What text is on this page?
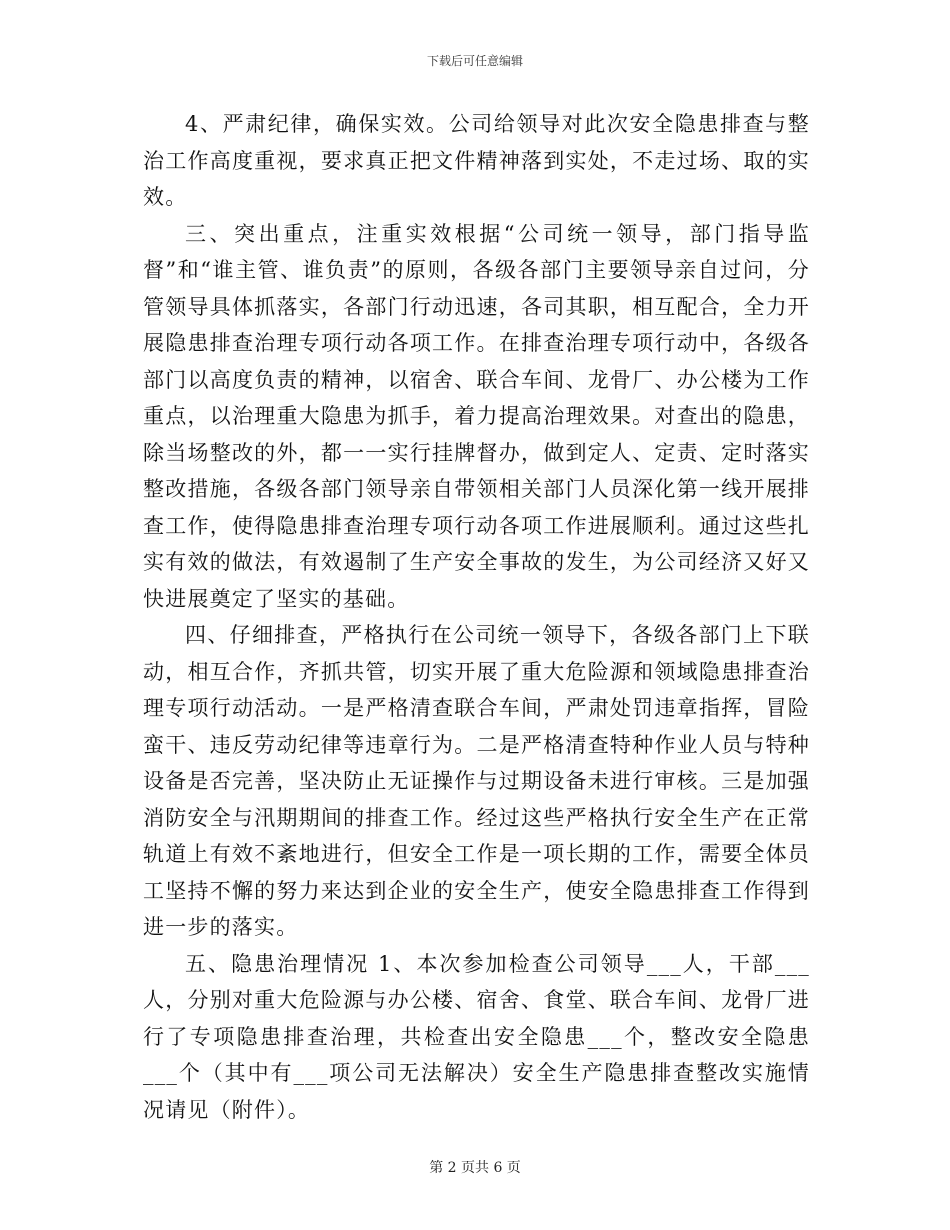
下载后可任意编辑

4、严肃纪律，确保实效。公司给领导对此次安全隐患排查与整治工作高度重视，要求真正把文件精神落到实处，不走过场、取的实效。

三、突出重点，注重实效根据“公司统一领导，部门指导监督”和“谁主管、谁负责”的原则，各级各部门主要领导亲自过问，分管领导具体抓落实，各部门行动迅速，各司其职，相互配合，全力开展隐患排查治理专项行动各项工作。在排查治理专项行动中，各级各部门以高度负责的精神，以宿舍、联合车间、龙骨厂、办公楼为工作重点，以治理重大隐患为抓手，着力提高治理效果。对查出的隐患，除当场整改的外，都一一实行挂牌督办，做到定人、定责、定时落实整改措施，各级各部门领导亲自带领相关部门人员深化第一线开展排查工作，使得隐患排查治理专项行动各项工作进展顺利。通过这些扎实有效的做法，有效遏制了生产安全事故的发生，为公司经济又好又快进展奠定了坚实的基础。

四、仔细排查，严格执行在公司统一领导下，各级各部门上下联动，相互合作，齐抓共管，切实开展了重大危险源和领域隐患排查治理专项行动活动。一是严格清查联合车间，严肃处罚违章指挥，冒险蛮干、违反劳动纪律等违章行为。二是严格清查特种作业人员与特种设备是否完善，坚决防止无证操作与过期设备未进行审核。三是加强消防安全与汛期期间的排查工作。经过这些严格执行安全生产在正常轨道上有效不紊地进行，但安全工作是一项长期的工作，需要全体员工坚持不懈的努力来达到企业的安全生产，使安全隐患排查工作得到进一步的落实。

五、隐患治理情况 1、本次参加检查公司领导___人，干部___人，分别对重大危险源与办公楼、宿舍、食堂、联合车间、龙骨厂进行了专项隐患排查治理，共检查出安全隐患___个，整改安全隐患___个（其中有___项公司无法解决）安全生产隐患排查整改实施情况请见（附件）。

第 2 页共 6 页
